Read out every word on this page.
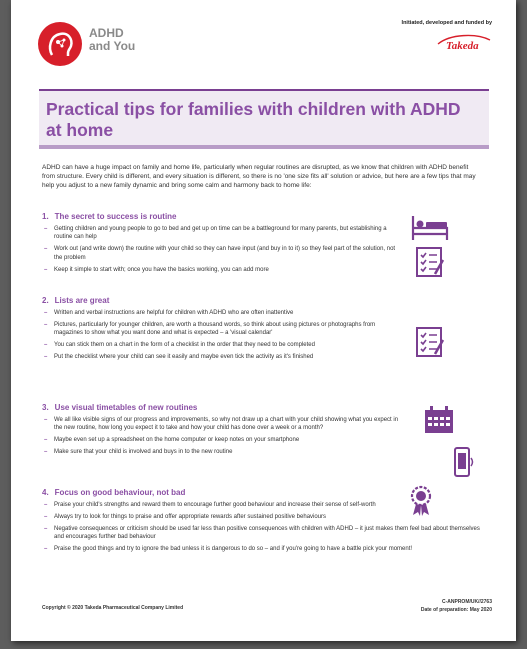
ADHD
and You
Initiated, developed and funded by
Takeda
Practical tips for families with children with ADHD at home

ADHD can have a huge impact on family and home life, particularly when regular routines are disrupted, as we know that children with ADHD benefit from structure. Every child is different, and every situation is different, so there is no 'one size fits all' solution or advice, but here are a few tips that may help you adjust to a new family dynamic and bring some calm and harmony back to home life:

1. The secret to success is routine
– Getting children and young people to go to bed and get up on time can be a battleground for many parents, but establishing a routine can help
– Work out (and write down) the routine with your child so they can have input (and buy in to it) so they feel part of the solution, not the problem
– Keep it simple to start with; once you have the basics working, you can add more
2. Lists are great
– Written and verbal instructions are helpful for children with ADHD who are often inattentive
– Pictures, particularly for younger children, are worth a thousand words, so think about using pictures or photographs from magazines to show what you want done and what is expected – a 'visual calendar'
– You can stick them on a chart in the form of a checklist in the order that they need to be completed
– Put the checklist where your child can see it easily and maybe even tick the activity as it's finished
3. Use visual timetables of new routines
– We all like visible signs of our progress and improvements, so why not draw up a chart with your child showing what you expect in the new routine, how long you expect it to take and how your child has done over a week or a month?
– Maybe even set up a spreadsheet on the home computer or keep notes on your smartphone
– Make sure that your child is involved and buys in to the new routine
4. Focus on good behaviour, not bad
– Praise your child's strengths and reward them to encourage further good behaviour and increase their sense of self-worth
– Always try to look for things to praise and offer appropriate rewards after sustained positive behaviours
– Negative consequences or criticism should be used far less than positive consequences with children with ADHD – it just makes them feel bad about themselves and encourages further bad behaviour
– Praise the good things and try to ignore the bad unless it is dangerous to do so – and if you're going to have a battle pick your moment!
Copyright © 2020 Takeda Pharmaceutical Company Limited
C-ANPROM/UK//2763
Date of preparation: May 2020
